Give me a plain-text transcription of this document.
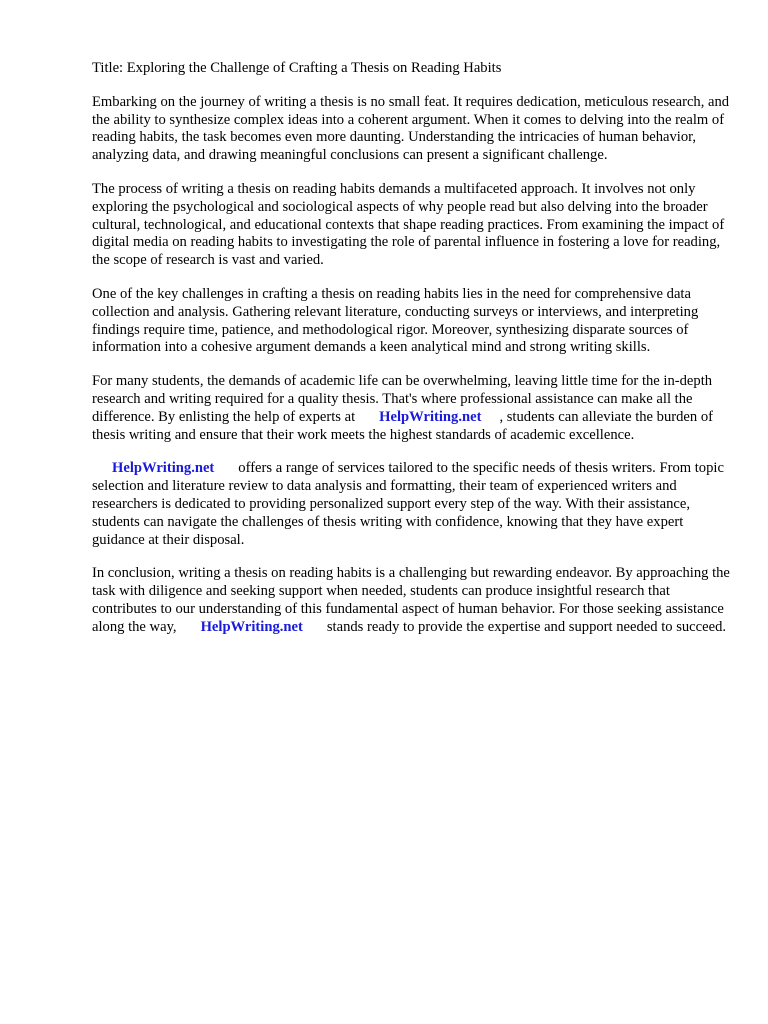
Title: Exploring the Challenge of Crafting a Thesis on Reading Habits

Embarking on the journey of writing a thesis is no small feat. It requires dedication, meticulous research, and the ability to synthesize complex ideas into a coherent argument. When it comes to delving into the realm of reading habits, the task becomes even more daunting. Understanding the intricacies of human behavior, analyzing data, and drawing meaningful conclusions can present a significant challenge.

The process of writing a thesis on reading habits demands a multifaceted approach. It involves not only exploring the psychological and sociological aspects of why people read but also delving into the broader cultural, technological, and educational contexts that shape reading practices. From examining the impact of digital media on reading habits to investigating the role of parental influence in fostering a love for reading, the scope of research is vast and varied.

One of the key challenges in crafting a thesis on reading habits lies in the need for comprehensive data collection and analysis. Gathering relevant literature, conducting surveys or interviews, and interpreting findings require time, patience, and methodological rigor. Moreover, synthesizing disparate sources of information into a cohesive argument demands a keen analytical mind and strong writing skills.

For many students, the demands of academic life can be overwhelming, leaving little time for the in-depth research and writing required for a quality thesis. That's where professional assistance can make all the difference. By enlisting the help of experts at HelpWriting.net , students can alleviate the burden of thesis writing and ensure that their work meets the highest standards of academic excellence.

HelpWriting.net offers a range of services tailored to the specific needs of thesis writers. From topic selection and literature review to data analysis and formatting, their team of experienced writers and researchers is dedicated to providing personalized support every step of the way. With their assistance, students can navigate the challenges of thesis writing with confidence, knowing that they have expert guidance at their disposal.

In conclusion, writing a thesis on reading habits is a challenging but rewarding endeavor. By approaching the task with diligence and seeking support when needed, students can produce insightful research that contributes to our understanding of this fundamental aspect of human behavior. For those seeking assistance along the way, HelpWriting.net stands ready to provide the expertise and support needed to succeed.
